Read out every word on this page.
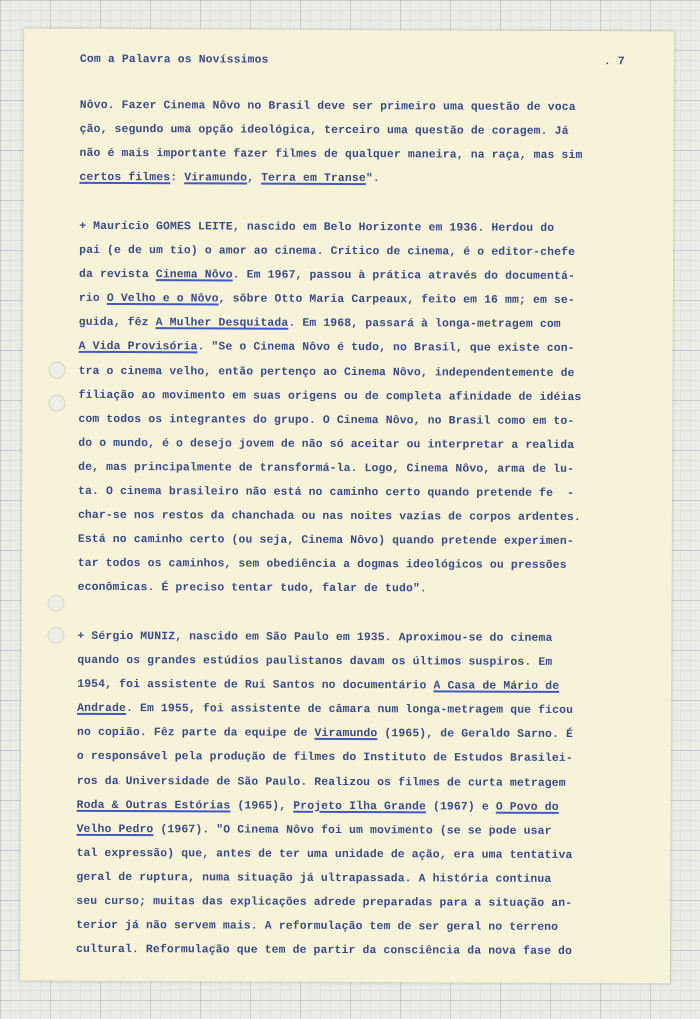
Com a Palavra os Novíssimos	. 7
Nôvo. Fazer Cinema Nôvo no Brasil deve ser primeiro uma questão de voca
ção, segundo uma opção ideológica, terceiro uma questão de coragem. Já
não é mais importante fazer filmes de qualquer maneira, na raça, mas sim
certos filmes: Viramundo, Terra em Transe".
+ Maurício GOMES LEITE, nascido em Belo Horizonte em 1936. Herdou do
pai (e de um tio) o amor ao cinema. Crítico de cinema, é o editor-chefe
da revista Cinema Nôvo. Em 1967, passou à prática através do documentá-
rio O Velho e o Nôvo, sôbre Otto Maria Carpeaux, feito em 16 mm; em se-
guida, fêz A Mulher Desquitada. Em 1968, passará à longa-metragem com
A Vida Provisória. "Se o Cinema Nôvo é tudo, no Brasil, que existe con-
tra o cinema velho, então pertenço ao Cinema Nôvo, independentemente de
filiação ao movimento em suas origens ou de completa afinidade de idéias
com todos os integrantes do grupo. O Cinema Nôvo, no Brasil como em to-
do o mundo, é o desejo jovem de não só aceitar ou interpretar a realida
de, mas principalmente de transformá-la. Logo, Cinema Nôvo, arma de lu-
ta. O cinema brasileiro não está no caminho certo quando pretende fe  -
char-se nos restos da chanchada ou nas noites vazias de corpos ardentes.
Está no caminho certo (ou seja, Cinema Nôvo) quando pretende experimen-
tar todos os caminhos, sem obediência a dogmas ideológicos ou pressões
econômicas. É preciso tentar tudo, falar de tudo".
+ Sérgio MUNIZ, nascido em São Paulo em 1935. Aproximou-se do cinema
quando os grandes estúdios paulistanos davam os últimos suspiros. Em
1954, foi assistente de Rui Santos no documentário A Casa de Mário de
Andrade. Em 1955, foi assistente de câmara num longa-metragem que ficou
no copião. Fêz parte da equipe de Viramundo (1965), de Geraldo Sarno. É
o responsável pela produção de filmes do Instituto de Estudos Brasilei-
ros da Universidade de São Paulo. Realizou os filmes de curta metragem
Roda & Outras Estórias (1965), Projeto Ilha Grande (1967) e O Povo do
Velho Pedro (1967). "O Cinema Nôvo foi um movimento (se se pode usar
tal expressão) que, antes de ter uma unidade de ação, era uma tentativa
geral de ruptura, numa situação já ultrapassada. A história continua
seu curso; muitas das explicações adrede preparadas para a situação an-
terior já não servem mais. A reformulação tem de ser geral no terreno
cultural. Reformulação que tem de partir da consciência da nova fase do
